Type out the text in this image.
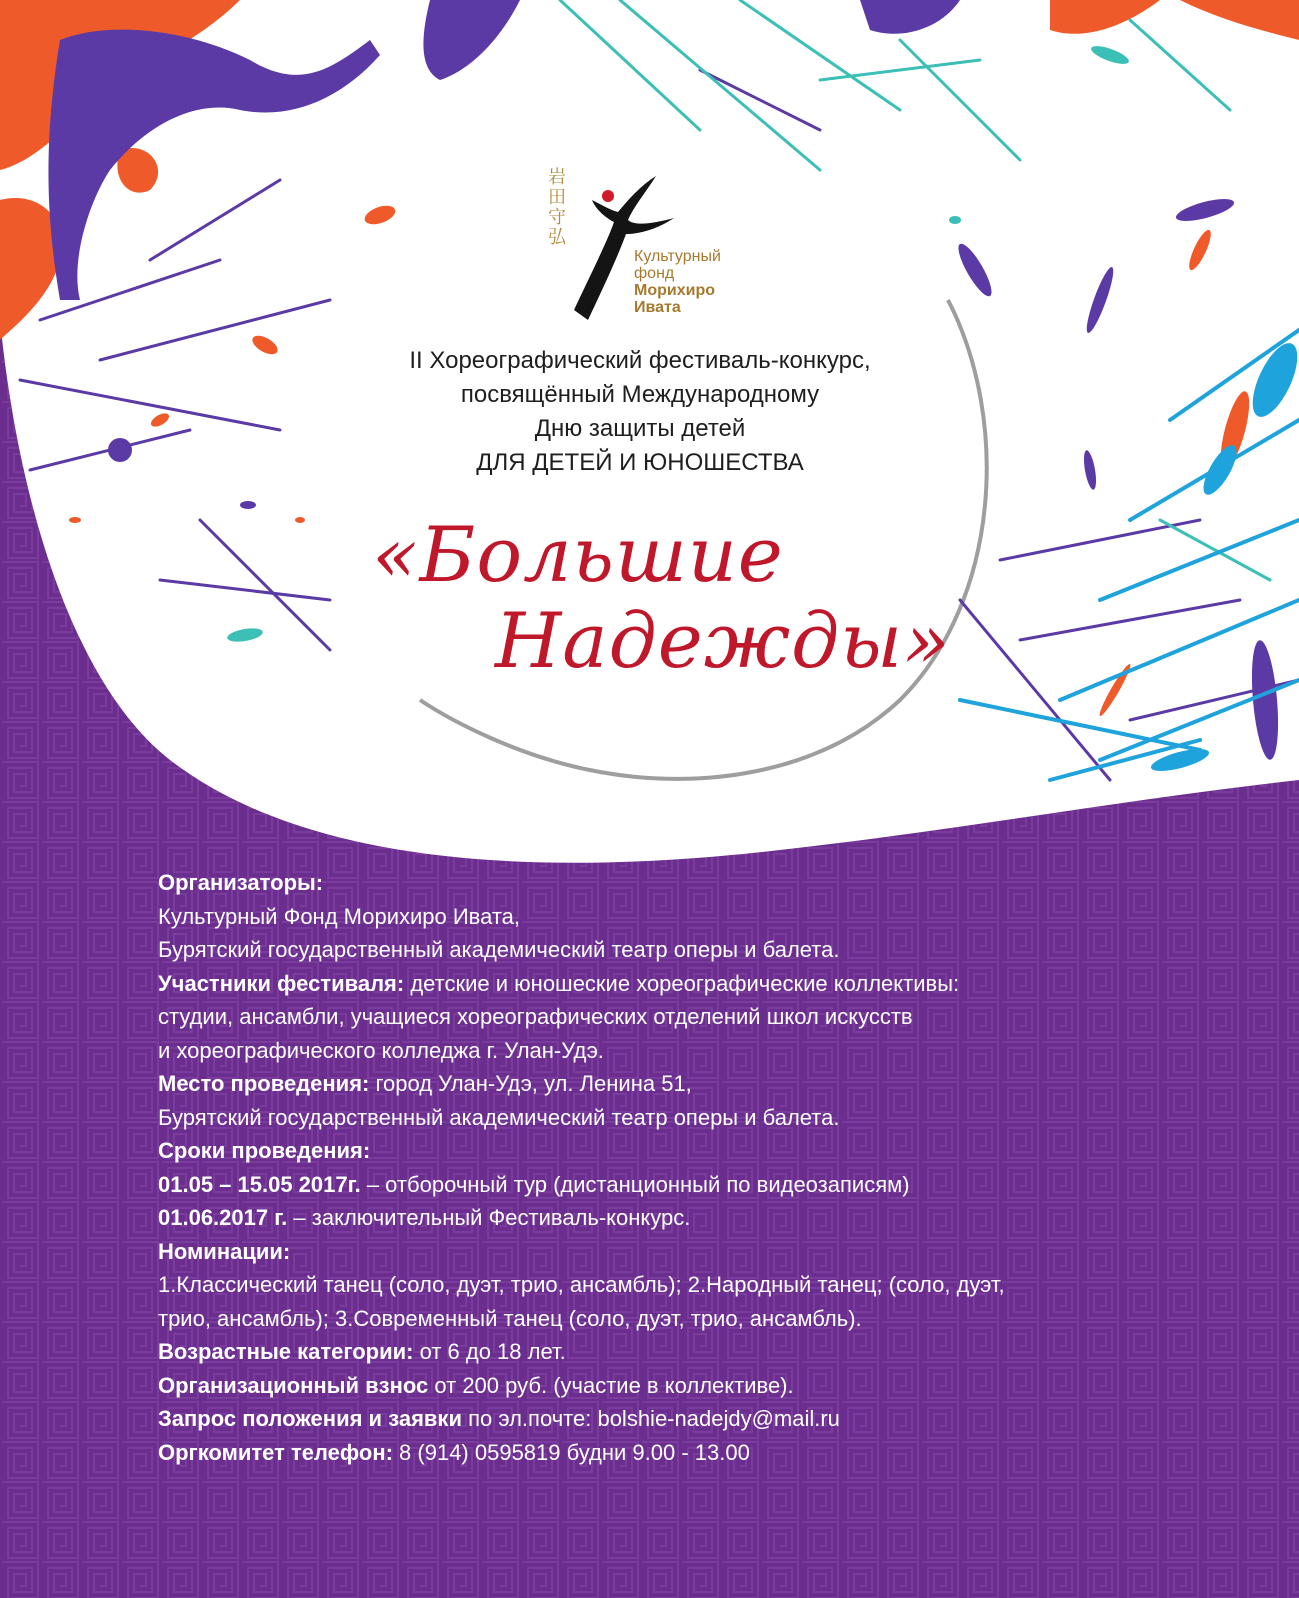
岩田守弘
Культурный
фонд
Морихиро
Ивата
II Хореографический фестиваль-конкурс,
посвящённый Международному
Дню защиты детей
ДЛЯ ДЕТЕЙ И ЮНОШЕСТВА
«Большие
Надежды»
Организаторы:
Культурный Фонд Морихиро Ивата,
Бурятский государственный академический театр оперы и балета.
Участники фестиваля: детские и юношеские хореографические коллективы:
студии, ансамбли, учащиеся хореографических отделений школ искусств
и хореографического колледжа г. Улан-Удэ.
Место проведения: город Улан-Удэ, ул. Ленина 51,
Бурятский государственный академический театр оперы и балета.
Сроки проведения:
01.05 – 15.05 2017г. – отборочный тур (дистанционный по видеозаписям)
01.06.2017 г. – заключительный Фестиваль-конкурс.
Номинации:
1.Классический танец (соло, дуэт, трио, ансамбль); 2.Народный танец; (соло, дуэт,
трио, ансамбль); 3.Современный танец (соло, дуэт, трио, ансамбль).
Возрастные категории: от 6 до 18 лет.
Организационный взнос от 200 руб. (участие в коллективе).
Запрос положения и заявки по эл.почте: bolshie-nadejdy@mail.ru
Оргкомитет телефон: 8 (914) 0595819 будни 9.00 - 13.00
